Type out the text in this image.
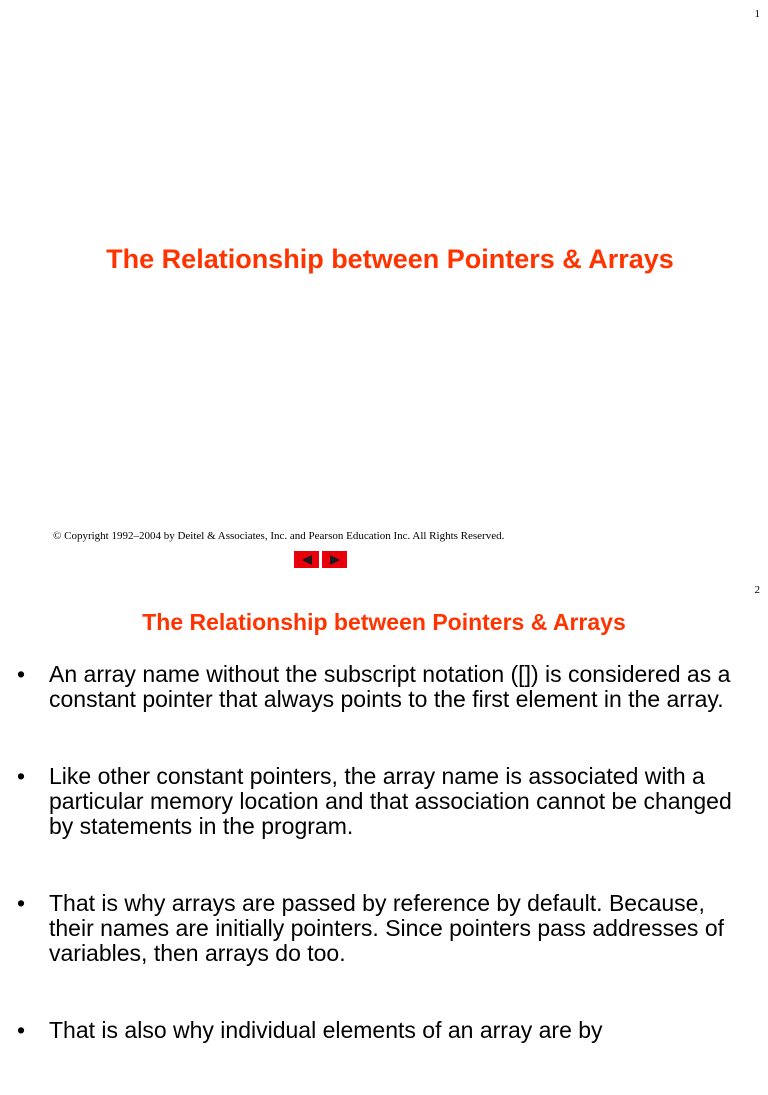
1
The Relationship between Pointers & Arrays
© Copyright 1992–2004 by Deitel & Associates, Inc. and Pearson Education Inc. All Rights Reserved.
2
The Relationship between Pointers & Arrays
• An array name without the subscript notation ([]) is considered as a constant pointer that always points to the first element in the array.
• Like other constant pointers, the array name is associated with a particular memory location and that association cannot be changed by statements in the program.
• That is why arrays are passed by reference by default. Because, their names are initially pointers. Since pointers pass addresses of variables, then arrays do too.
• That is also why individual elements of an array are by
